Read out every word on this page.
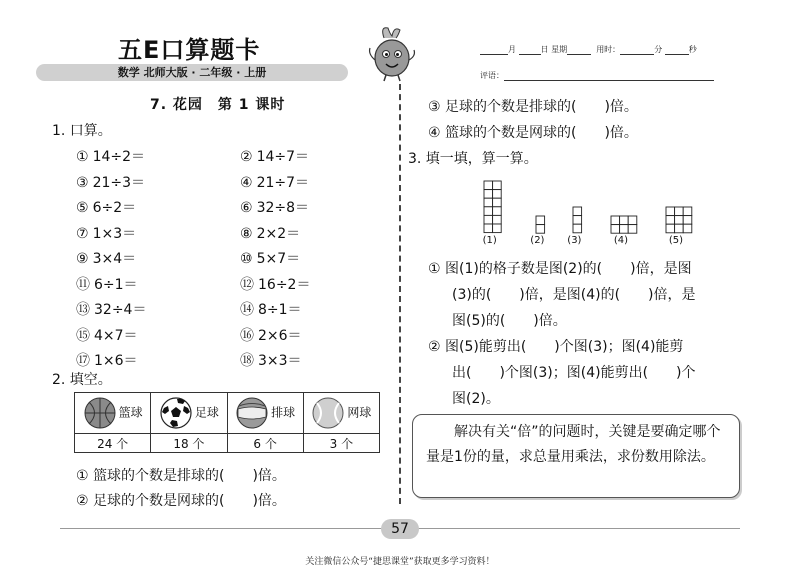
五E口算题卡
数学 北师大版 · 二年级 · 上册
月	日 星期	用时：	分	秒
评语：
7. 花园　第 1 课时
1. 口算。
① 14÷2＝	② 14÷7＝
③ 21÷3＝	④ 21÷7＝
⑤ 6÷2＝	⑥ 32÷8＝
⑦ 1×3＝	⑧ 2×2＝
⑨ 3×4＝	⑩ 5×7＝
⑪ 6÷1＝	⑫ 16÷2＝
⑬ 32÷4＝	⑭ 8÷1＝
⑮ 4×7＝	⑯ 2×6＝
⑰ 1×6＝	⑱ 3×3＝
2. 填空。
篮球	足球	排球	网球
24 个	18 个	6 个	3 个
① 篮球的个数是排球的(　　)倍。
② 足球的个数是网球的(　　)倍。
③ 足球的个数是排球的(　　)倍。
④ 篮球的个数是网球的(　　)倍。
3. 填一填，算一算。
(1)	(2) (3)	(4)	(5)
① 图(1)的格子数是图(2)的(　　)倍，是图
(3)的(　　)倍，是图(4)的(　　)倍，是
图(5)的(　　)倍。
② 图(5)能剪出(　　)个图(3)；图(4)能剪
出(　　)个图(3)；图(4)能剪出(　　)个
图(2)。
解决有关“倍”的问题时，关键是要确定哪个量是1份的量，求总量用乘法，求份数用除法。
57
关注微信公众号“捷思课堂”获取更多学习资料！
